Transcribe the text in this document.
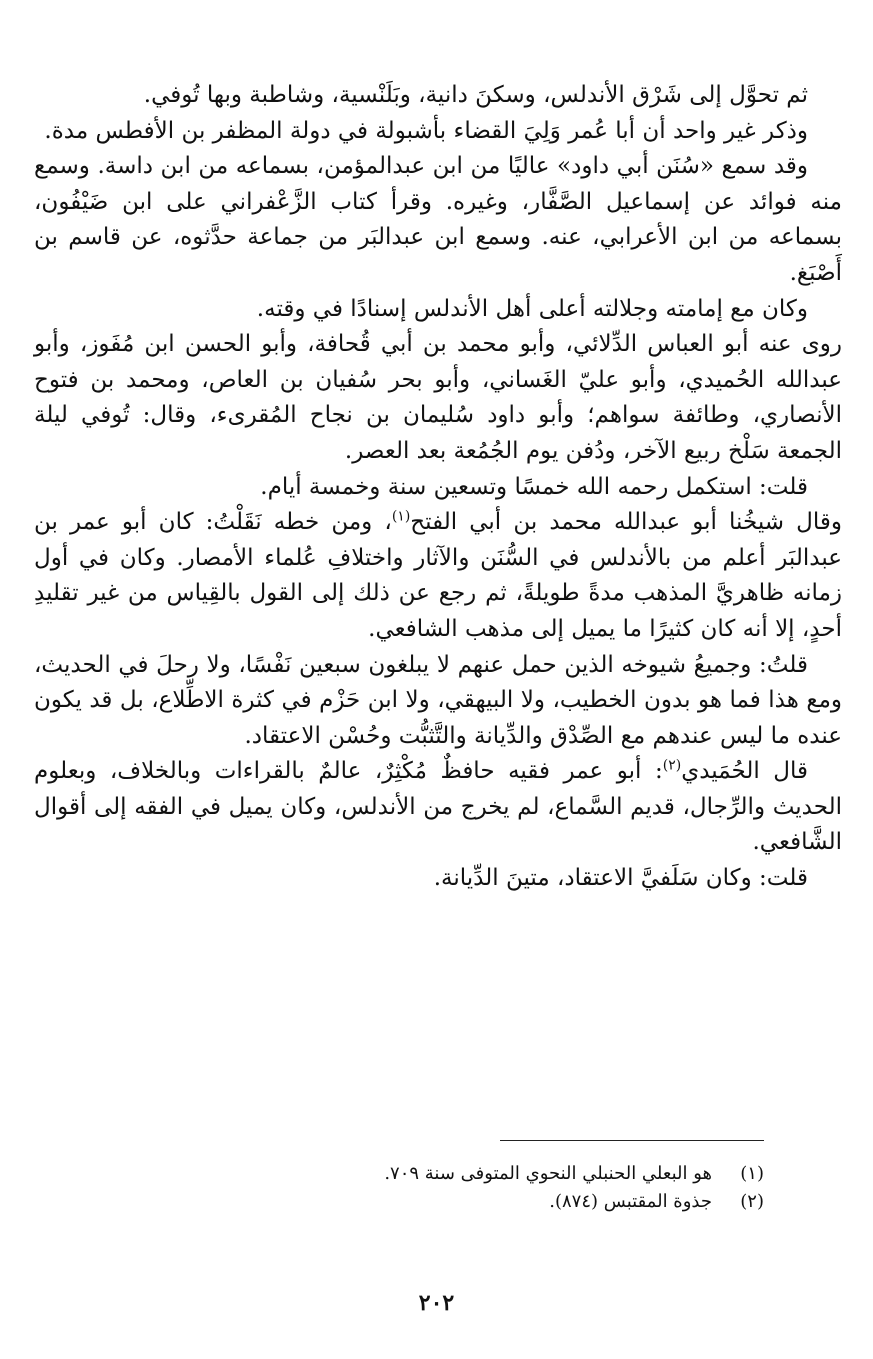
ثم تحوَّل إلى شَرْق الأندلس، وسكنَ دانية، وبَلَنْسية، وشاطبة وبها تُوفي.

وذكر غير واحد أن أبا عُمر وَلِيَ القضاء بأشبولة في دولة المظفر بن الأفطس مدة.

وقد سمع «سُنَن أبي داود» عاليًا من ابن عبدالمؤمن، بسماعه من ابن داسة. وسمع منه فوائد عن إسماعيل الصَّفَّار، وغيره. وقرأ كتاب الزَّعْفراني على ابن ضَيْفُون، بسماعه من ابن الأعرابي، عنه. وسمع ابن عبدالبَر من جماعة حدَّثوه، عن قاسم بن أَصْبَغ.

وكان مع إمامته وجلالته أعلى أهل الأندلس إسنادًا في وقته.

روى عنه أبو العباس الدِّلائي، وأبو محمد بن أبي قُحافة، وأبو الحسن ابن مُفَوز، وأبو عبدالله الحُميدي، وأبو عليّ الغَساني، وأبو بحر سُفيان بن العاص، ومحمد بن فتوح الأنصاري، وطائفة سواهم؛ وأبو داود سُليمان بن نجاح المُقرىء، وقال: تُوفي ليلة الجمعة سَلْخ ربيع الآخر، ودُفن يوم الجُمُعة بعد العصر.

قلت: استكمل رحمه الله خمسًا وتسعين سنة وخمسة أيام.

وقال شيخُنا أبو عبدالله محمد بن أبي الفتح$^{(١)}$، ومن خطه نَقَلْتُ: كان أبو عمر بن عبدالبَر أعلم من بالأندلس في السُّنَن والآثار واختلافِ عُلماء الأمصار. وكان في أول زمانه ظاهريَّ المذهب مدةً طويلةً، ثم رجع عن ذلك إلى القول بالقِياس من غير تقليدِ أحدٍ، إلا أنه كان كثيرًا ما يميل إلى مذهب الشافعي.

قلتُ: وجميعُ شيوخه الذين حمل عنهم لا يبلغون سبعين نَفْسًا، ولا رحلَ في الحديث، ومع هذا فما هو بدون الخطيب، ولا البيهقي، ولا ابن حَزْم في كثرة الاطِّلاع، بل قد يكون عنده ما ليس عندهم مع الصِّدْق والدِّيانة والتَّثبُّت وحُسْن الاعتقاد.

قال الحُمَيدي$^{(٢)}$: أبو عمر فقيه حافظٌ مُكْثِرٌ، عالمٌ بالقراءات وبالخلاف، وبعلوم الحديث والرِّجال، قديم السَّماع، لم يخرج من الأندلس، وكان يميل في الفقه إلى أقوال الشَّافعي.

قلت: وكان سَلَفيَّ الاعتقاد، متينَ الدِّيانة.

(١)
هو البعلي الحنبلي النحوي المتوفى سنة ٧٠٩.
(٢)
جذوة المقتبس (٨٧٤).
٢٠٢
